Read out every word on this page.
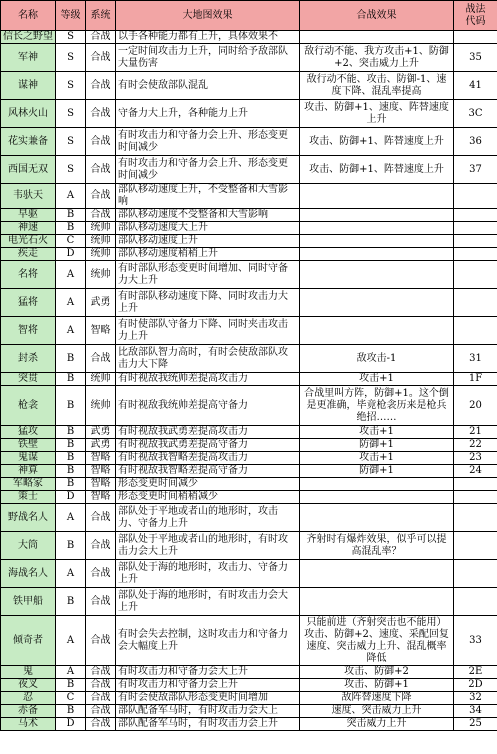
名称	等级	系统	大地图效果	合战效果	战法
代码
信长之野望	S	合战	以手各种能力都有上升，具体效果不		
军神	S	合战	一定时间攻击力上升，同时给予敌部队大量伤害	敌行动不能、我方攻击+1、防御+2、突击威力上升	35
谋神	S	合战	有时会使敌部队混乱	敌行动不能、攻击、防御-1、速度下降、混乱率提高	41
风林火山	S	合战	守备力大上升，各种能力上升	攻击、防御+1、速度、阵替速度上升	3C
花实兼备	S	合战	有时攻击力和守备力会上升、形态变更时间减少	攻击、防御+1、阵替速度上升	36
西国无双	S	合战	有时攻击力和守备力会上升、形态变更时间减少	攻击、防御+1、阵替速度上升	37
韦驮天	A	合战	部队移动速度上升，不受整备和大雪影响		
早驱	B	合战	部队移动速度不受整备和大雪影响		
神速	B	统帅	部队移动速度大上升		
电光石火	C	统帅	部队移动速度上升		
疾走	D	统帅	部队移动速度稍稍上升		
名将	A	统帅	有时部队形态变更时间增加、同时守备力大上升		
猛将	A	武勇	有时部队移动速度下降、同时攻击力大上升		
智将	A	智略	有时使部队守备力下降、同时夹击攻击力上升		
封杀	B	合战	比敌部队智力高时，有时会使敌部队攻击力大下降	敌攻击-1	31
突贯	B	统帅	有时视敌我统帅差提高攻击力	攻击+1	1F
枪衾	B	统帅	有时视敌我统帅差提高守备力	合战里叫方阵，防御+1。这个倒是更准确，毕竟枪衾历来是枪兵绝招……	20
猛攻	B	武勇	有时视敌我武勇差提高攻击力	攻击+1	21
铁壁	B	武勇	有时视敌我武勇差提高守备力	防御+1	22
鬼谋	B	智略	有时视敌我智略差提高攻击力	攻击+1	23
神算	B	智略	有时视敌我智略差提高守备力	防御+1	24
军略家	B	智略	形态变更时间减少		
策士	D	智略	形态变更时间稍稍减少		
野战名人	A	合战	部队处于平地或者山的地形时，攻击力、守备力上升		
大筒	B	合战	部队处于平地或者山的地形时，有时攻击力会大上升	齐射时有爆炸效果，似乎可以提高混乱率？	
海战名人	A	合战	部队处于海的地形时，攻击力、守备力上升		
铁甲船	B	合战	部队处于海的地形时，有时攻击力会大上升		
倾奇者	A	合战	有时会失去控制，这时攻击力和守备力会大幅度上升	只能前进（齐射突击也不能用）攻击、防御+2、速度、采配回复速度、突击威力上升、混乱概率降低	33
鬼	A	合战	有时攻击力和守备力会大上升	攻击、防御+2	2E
夜叉	B	合战	有时攻击力和守备力会上升	攻击、防御+1	2D
忍	C	合战	有时会使敌部队形态变更时间增加	敌阵替速度下降	32
赤备	B	合战	部队配备军马时，有时攻击力会大上	速度、突击威力上升	34
马术	D	合战	部队配备军马时，有时攻击力会上升	突击威力上升	25
